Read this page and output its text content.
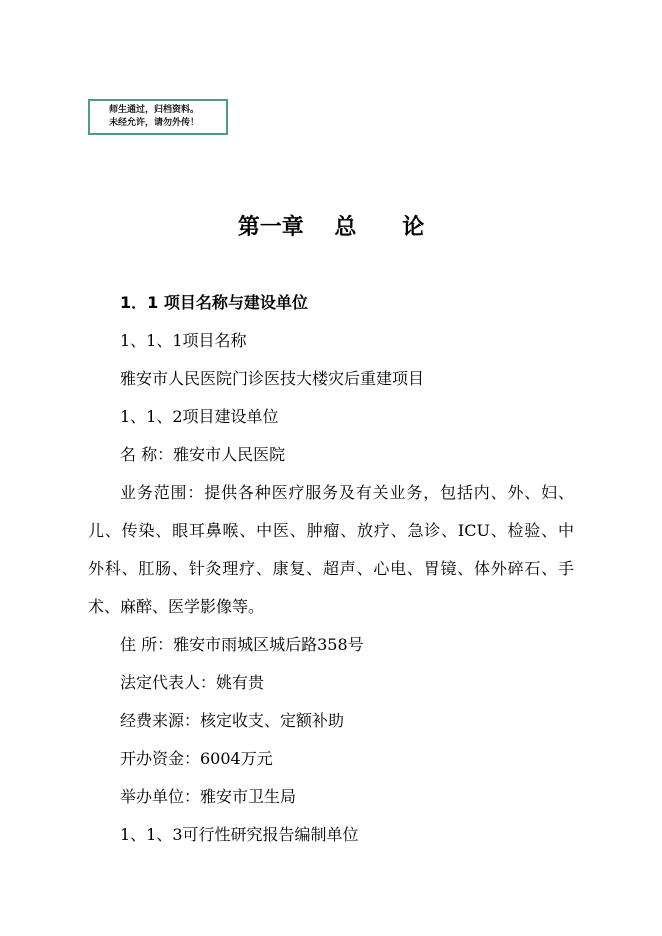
师生通过，归档资料。
未经允许，请勿外传！
第一章    总      论
1．1 项目名称与建设单位
1、1、1项目名称
雅安市人民医院门诊医技大楼灾后重建项目
1、1、2项目建设单位
名 称：雅安市人民医院
业务范围：提供各种医疗服务及有关业务，包括内、外、妇、
儿、传染、眼耳鼻喉、中医、肿瘤、放疗、急诊、ICU、检验、中
外科、肛肠、针灸理疗、康复、超声、心电、胃镜、体外碎石、手
术、麻醉、医学影像等。
住 所：雅安市雨城区城后路358号
法定代表人：姚有贵
经费来源：核定收支、定额补助
开办资金：6004万元
举办单位：雅安市卫生局
1、1、3可行性研究报告编制单位
